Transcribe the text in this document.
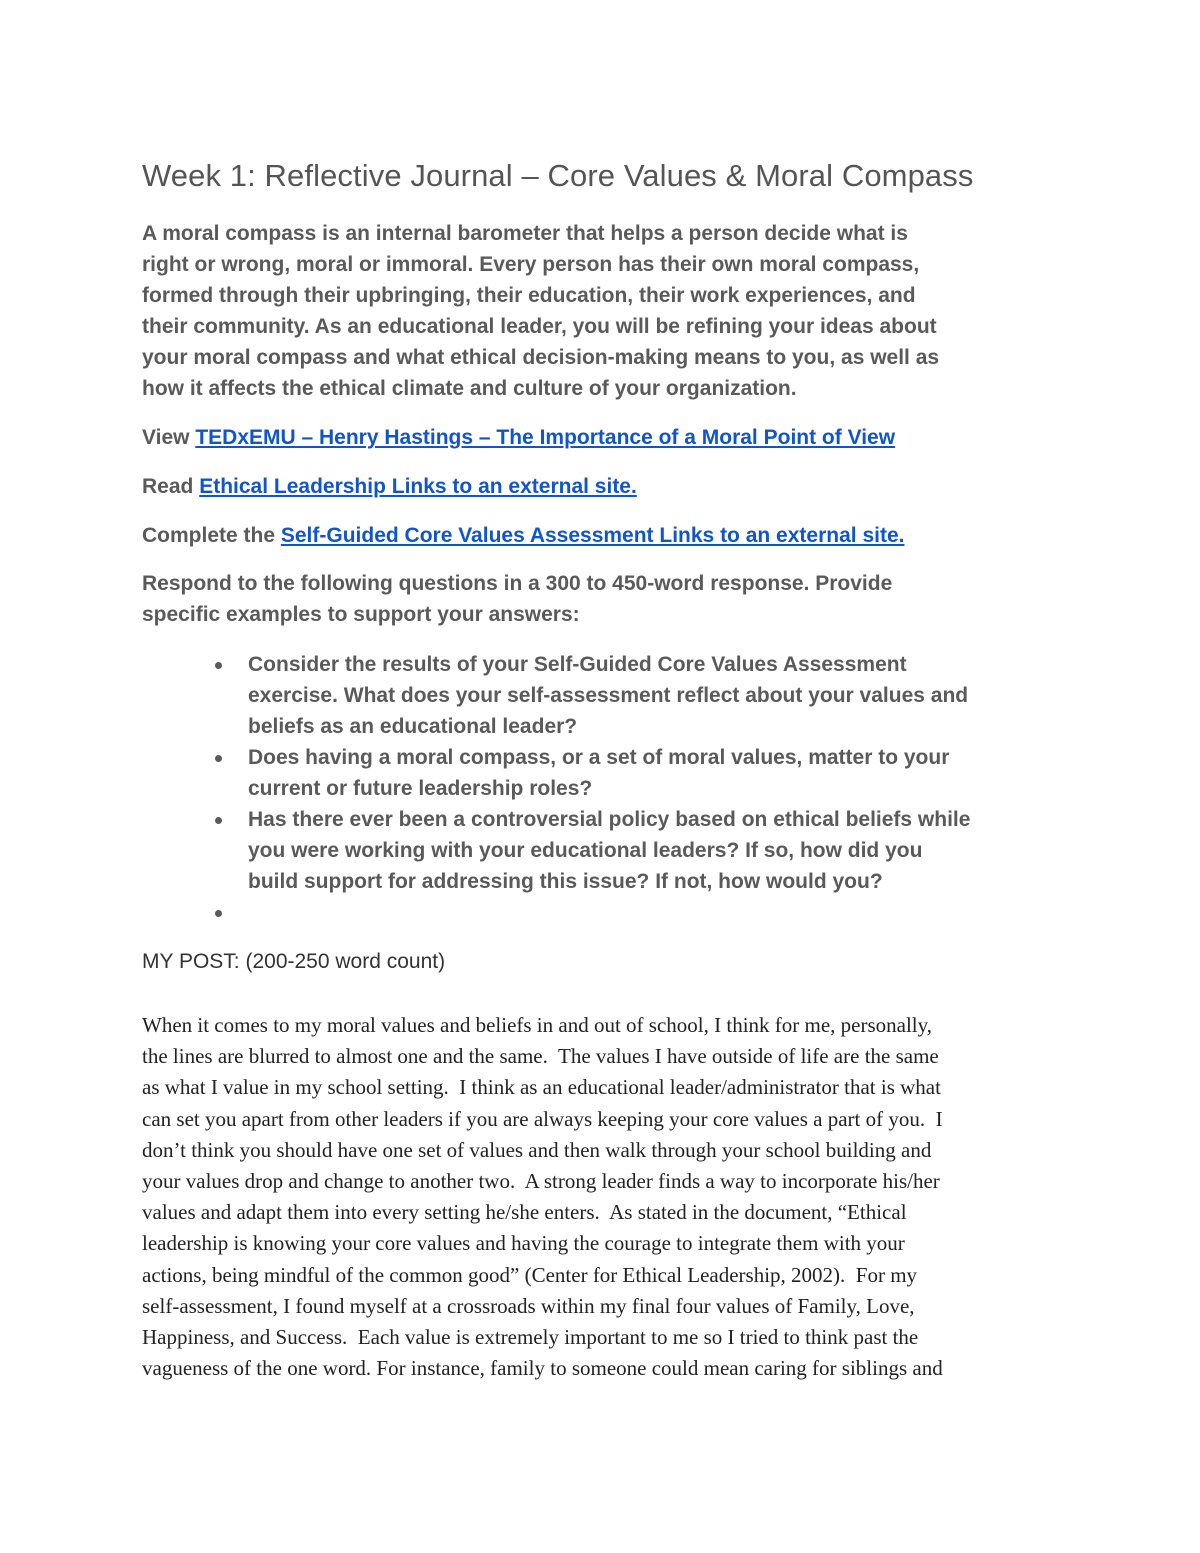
Week 1: Reflective Journal – Core Values & Moral Compass

A moral compass is an internal barometer that helps a person decide what is
right or wrong, moral or immoral. Every person has their own moral compass,
formed through their upbringing, their education, their work experiences, and
their community. As an educational leader, you will be refining your ideas about
your moral compass and what ethical decision-making means to you, as well as
how it affects the ethical climate and culture of your organization.

View TEDxEMU – Henry Hastings – The Importance of a Moral Point of View

Read Ethical Leadership Links to an external site.

Complete the Self-Guided Core Values Assessment Links to an external site.

Respond to the following questions in a 300 to 450-word response. Provide
specific examples to support your answers:

Consider the results of your Self-Guided Core Values Assessment
exercise. What does your self-assessment reflect about your values and
beliefs as an educational leader?
Does having a moral compass, or a set of moral values, matter to your
current or future leadership roles?
Has there ever been a controversial policy based on ethical beliefs while
you were working with your educational leaders? If so, how did you
build support for addressing this issue? If not, how would you?

MY POST: (200-250 word count)

When it comes to my moral values and beliefs in and out of school, I think for me, personally,
the lines are blurred to almost one and the same.  The values I have outside of life are the same
as what I value in my school setting.  I think as an educational leader/administrator that is what
can set you apart from other leaders if you are always keeping your core values a part of you.  I
don’t think you should have one set of values and then walk through your school building and
your values drop and change to another two.  A strong leader finds a way to incorporate his/her
values and adapt them into every setting he/she enters.  As stated in the document, “Ethical
leadership is knowing your core values and having the courage to integrate them with your
actions, being mindful of the common good” (Center for Ethical Leadership, 2002).  For my
self-assessment, I found myself at a crossroads within my final four values of Family, Love,
Happiness, and Success.  Each value is extremely important to me so I tried to think past the
vagueness of the one word. For instance, family to someone could mean caring for siblings and
